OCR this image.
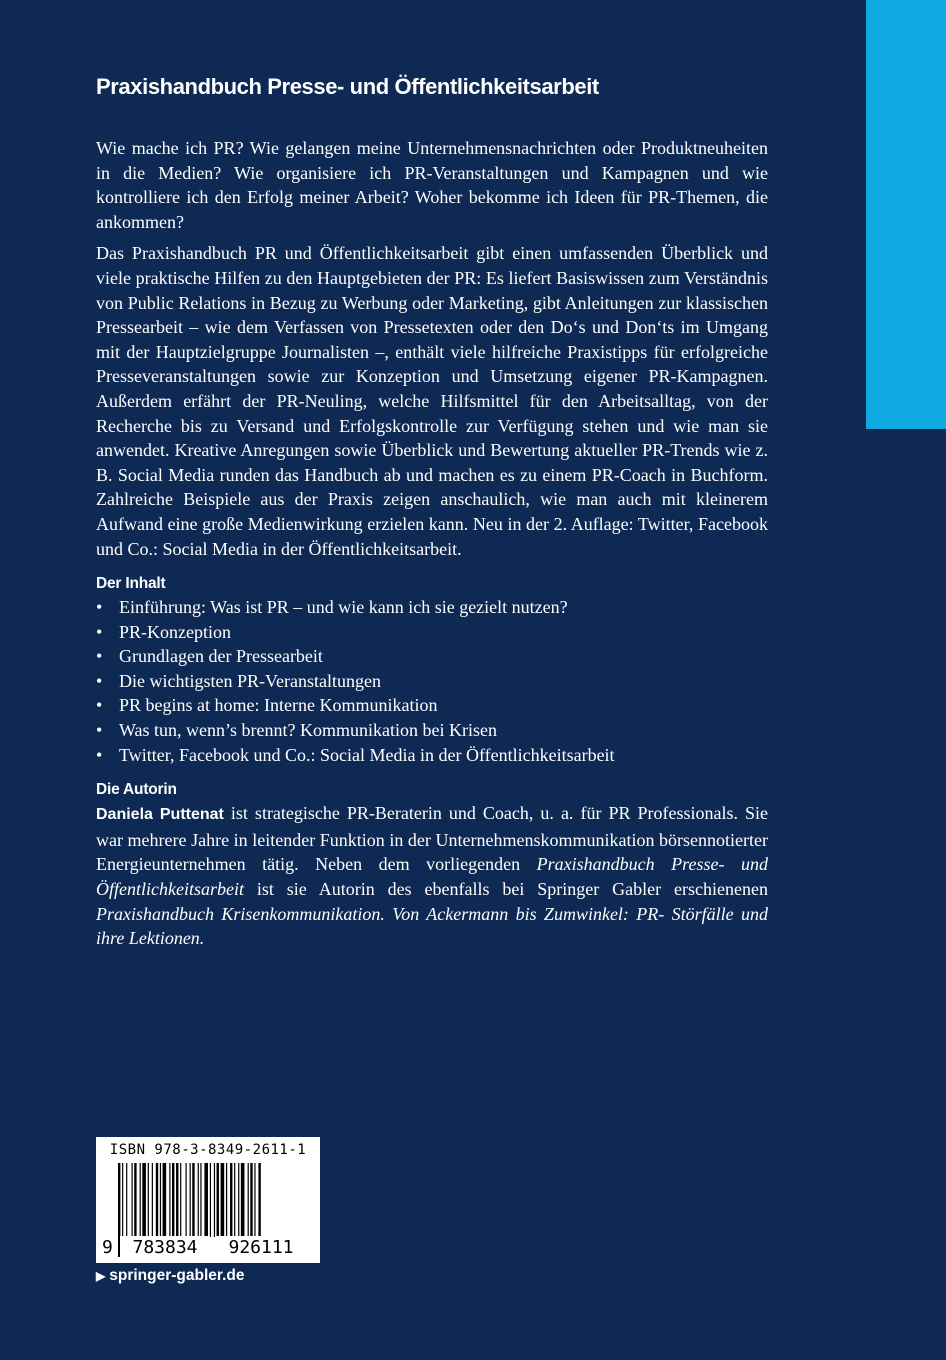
Praxishandbuch Presse- und Öffentlichkeitsarbeit

Wie mache ich PR? Wie gelangen meine Unternehmensnachrichten oder Produktneuheiten in die Medien? Wie organisiere ich PR-Veranstaltungen und Kampagnen und wie kontrolliere ich den Erfolg meiner Arbeit? Woher bekomme ich Ideen für PR-Themen, die ankommen?

Das Praxishandbuch PR und Öffentlichkeitsarbeit gibt einen umfassenden Überblick und viele praktische Hilfen zu den Hauptgebieten der PR: Es liefert Basiswissen zum Verständnis von Public Relations in Bezug zu Werbung oder Marketing, gibt Anleitungen zur klassischen Pressearbeit – wie dem Verfassen von Pressetexten oder den Do‘s und Don‘ts im Umgang mit der Hauptzielgruppe Journalisten –, enthält viele hilfreiche Praxistipps für erfolgreiche Presseveranstaltungen sowie zur Konzeption und Umsetzung eigener PR-Kampagnen. Außerdem erfährt der PR-Neuling, welche Hilfsmittel für den Arbeitsalltag, von der Recherche bis zu Versand und Erfolgskontrolle zur Verfügung stehen und wie man sie anwendet. Kreative Anregungen sowie Überblick und Bewertung aktueller PR-Trends wie z. B. Social Media runden das Handbuch ab und machen es zu einem PR-Coach in Buchform. Zahlreiche Beispiele aus der Praxis zeigen anschaulich, wie man auch mit kleinerem Aufwand eine große Medienwirkung erzielen kann. Neu in der 2. Auflage: Twitter, Facebook und Co.: Social Media in der Öffentlichkeitsarbeit.

Der Inhalt
• Einführung: Was ist PR – und wie kann ich sie gezielt nutzen?
• PR-Konzeption
• Grundlagen der Pressearbeit
• Die wichtigsten PR-Veranstaltungen
• PR begins at home: Interne Kommunikation
• Was tun, wenn’s brennt? Kommunikation bei Krisen
• Twitter, Facebook und Co.: Social Media in der Öffentlichkeitsarbeit
Die Autorin

Daniela Puttenat ist strategische PR-Beraterin und Coach, u. a. für PR Professionals. Sie war mehrere Jahre in leitender Funktion in der Unternehmenskommunikation börsennotierter Energieunternehmen tätig. Neben dem vorliegenden Praxishandbuch Presse- und Öffentlichkeitsarbeit ist sie Autorin des ebenfalls bei Springer Gabler erschienenen Praxishandbuch Krisenkommunikation. Von Ackermann bis Zumwinkel: PR- Störfälle und ihre Lektionen.

ISBN 978-3-8349-2611-1
9	783834	926111
▶ springer-gabler.de
